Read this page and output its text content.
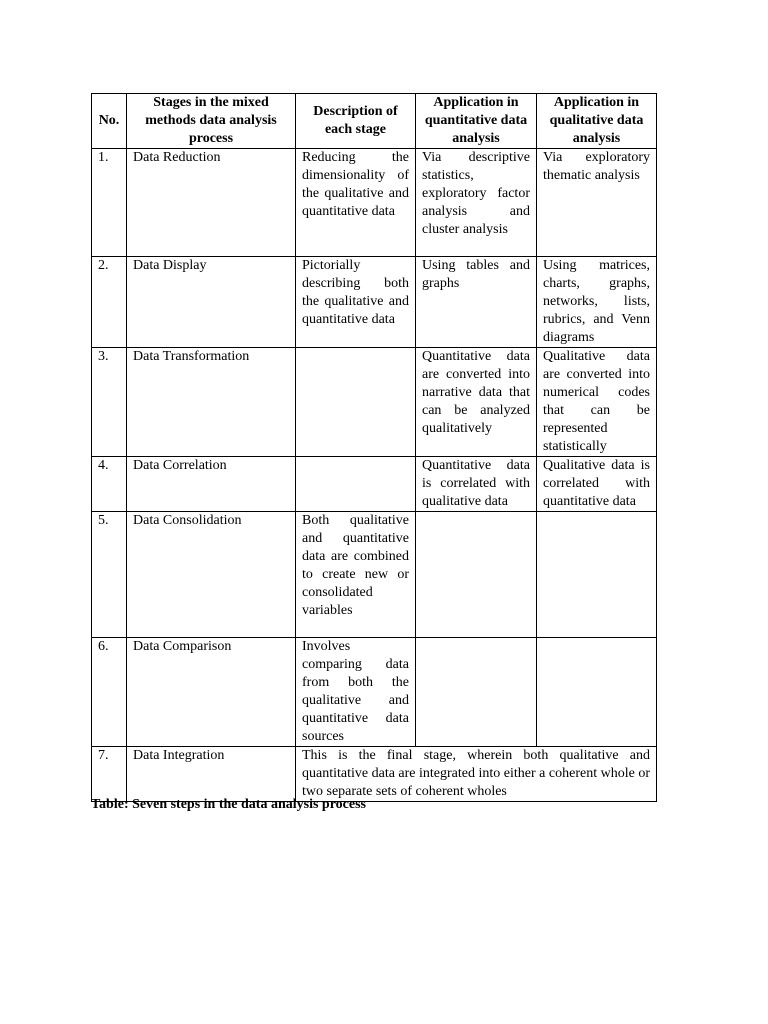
No.	Stages in the mixed methods data analysis process	Description of each stage	Application in quantitative data analysis	Application in qualitative data analysis
1.	Data Reduction	Reducing the dimensionality of the qualitative and quantitative data	Via descriptive statistics, exploratory factor analysis and cluster analysis	Via exploratory thematic analysis
2.	Data Display	Pictorially describing both the qualitative and quantitative data	Using tables and graphs	Using matrices, charts, graphs, networks, lists, rubrics, and Venn diagrams
3.	Data Transformation		Quantitative data are converted into narrative data that can be analyzed qualitatively	Qualitative data are converted into numerical codes that can be represented statistically
4.	Data Correlation		Quantitative data is correlated with qualitative data	Qualitative data is correlated with quantitative data
5.	Data Consolidation	Both qualitative and quantitative data are combined to create new or consolidated variables		
6.	Data Comparison	Involves comparing data from both the qualitative and quantitative data sources		
7.	Data Integration	This is the final stage, wherein both qualitative and quantitative data are integrated into either a coherent whole or two separate sets of coherent wholes		
Table: Seven steps in the data analysis process
